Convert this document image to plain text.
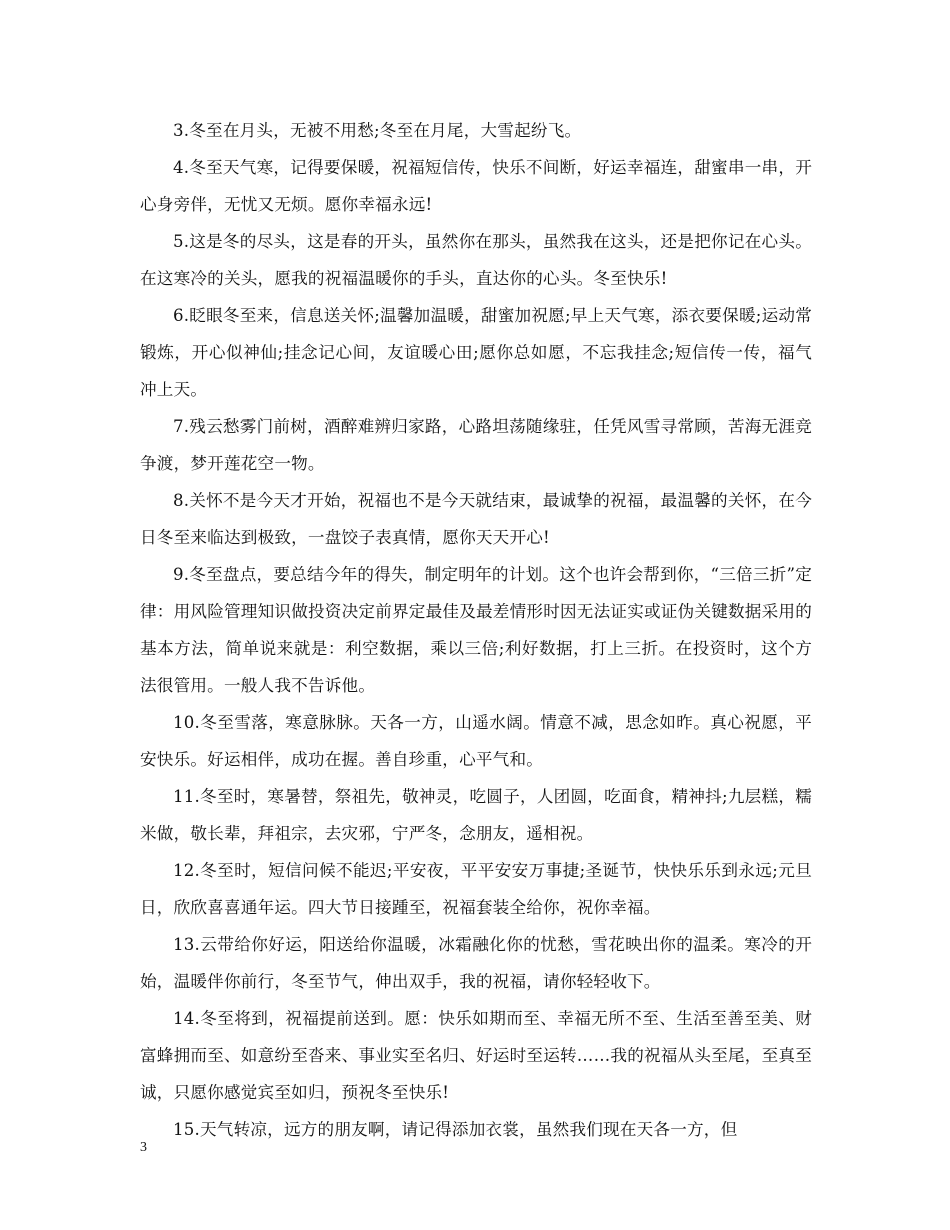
3.冬至在月头，无被不用愁;冬至在月尾，大雪起纷飞。

4.冬至天气寒，记得要保暖，祝福短信传，快乐不间断，好运幸福连，甜蜜串一串，开心身旁伴，无忧又无烦。愿你幸福永远!

5.这是冬的尽头，这是春的开头，虽然你在那头，虽然我在这头，还是把你记在心头。在这寒冷的关头，愿我的祝福温暖你的手头，直达你的心头。冬至快乐!

6.眨眼冬至来，信息送关怀;温馨加温暖，甜蜜加祝愿;早上天气寒，添衣要保暖;运动常锻炼，开心似神仙;挂念记心间，友谊暖心田;愿你总如愿，不忘我挂念;短信传一传，福气冲上天。

7.残云愁雾门前树，酒醉难辨归家路，心路坦荡随缘驻，任凭风雪寻常顾，苦海无涯竞争渡，梦开莲花空一物。

8.关怀不是今天才开始，祝福也不是今天就结束，最诚挚的祝福，最温馨的关怀，在今日冬至来临达到极致，一盘饺子表真情，愿你天天开心!

9.冬至盘点，要总结今年的得失，制定明年的计划。这个也许会帮到你，“三倍三折”定律：用风险管理知识做投资决定前界定最佳及最差情形时因无法证实或证伪关键数据采用的基本方法，简单说来就是：利空数据，乘以三倍;利好数据，打上三折。在投资时，这个方法很管用。一般人我不告诉他。

10.冬至雪落，寒意脉脉。天各一方，山遥水阔。情意不减，思念如昨。真心祝愿，平安快乐。好运相伴，成功在握。善自珍重，心平气和。

11.冬至时，寒暑替，祭祖先，敬神灵，吃圆子，人团圆，吃面食，精神抖;九层糕，糯米做，敬长辈，拜祖宗，去灾邪，宁严冬，念朋友，遥相祝。

12.冬至时，短信问候不能迟;平安夜，平平安安万事捷;圣诞节，快快乐乐到永远;元旦日，欣欣喜喜通年运。四大节日接踵至，祝福套装全给你，祝你幸福。

13.云带给你好运，阳送给你温暖，冰霜融化你的忧愁，雪花映出你的温柔。寒冷的开始，温暖伴你前行，冬至节气，伸出双手，我的祝福，请你轻轻收下。

14.冬至将到，祝福提前送到。愿：快乐如期而至、幸福无所不至、生活至善至美、财富蜂拥而至、如意纷至沓来、事业实至名归、好运时至运转……我的祝福从头至尾，至真至诚，只愿你感觉宾至如归，预祝冬至快乐!

15.天气转凉，远方的朋友啊，请记得添加衣裳，虽然我们现在天各一方，但

3
